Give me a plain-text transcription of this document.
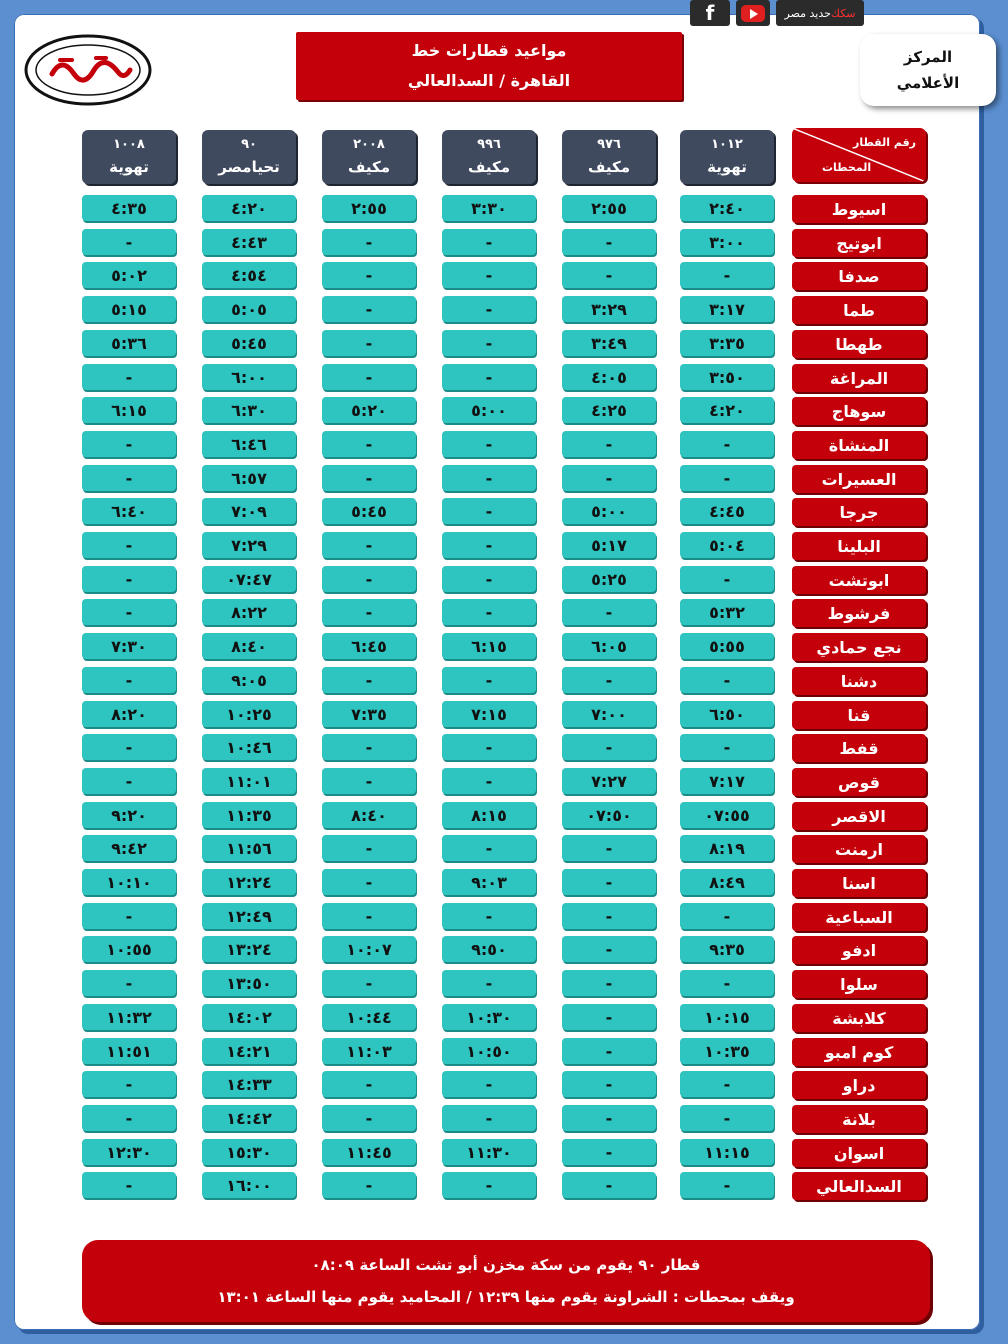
f	سكك
حديد مصر
مواعيد قطارات خط
القاهرة / السدالعالي
المركز
الأعلامي
رقم القطار
المحطات
١٠١٢
تهوية
٩٧٦
مكيف
٩٩٦
مكيف
٢٠٠٨
مكيف
٩٠
تحيامصر
١٠٠٨
تهوية
اسيوط
٢:٤٠
٢:٥٥
٣:٣٠
٢:٥٥
٤:٢٠
٤:٣٥
ابوتيج
٣:٠٠
-
-
-
٤:٤٣
-
صدفا
-
-
-
-
٤:٥٤
٥:٠٢
طما
٣:١٧
٣:٢٩
-
-
٥:٠٥
٥:١٥
طهطا
٣:٣٥
٣:٤٩
-
-
٥:٤٥
٥:٣٦
المراغة
٣:٥٠
٤:٠٥
-
-
٦:٠٠
-
سوهاج
٤:٢٠
٤:٢٥
٥:٠٠
٥:٢٠
٦:٣٠
٦:١٥
المنشاة
-
-
-
-
٦:٤٦
-
العسيرات
-
-
-
-
٦:٥٧
-
جرجا
٤:٤٥
٥:٠٠
-
٥:٤٥
٧:٠٩
٦:٤٠
البلينا
٥:٠٤
٥:١٧
-
-
٧:٢٩
-
ابوتشت
-
٥:٢٥
-
-
٠٧:٤٧
-
فرشوط
٥:٣٢
-
-
-
٨:٢٢
-
نجع حمادي
٥:٥٥
٦:٠٥
٦:١٥
٦:٤٥
٨:٤٠
٧:٣٠
دشنا
-
-
-
-
٩:٠٥
-
قنا
٦:٥٠
٧:٠٠
٧:١٥
٧:٣٥
١٠:٢٥
٨:٢٠
قفط
-
-
-
-
١٠:٤٦
-
قوص
٧:١٧
٧:٢٧
-
-
١١:٠١
-
الاقصر
٠٧:٥٥
٠٧:٥٠
٨:١٥
٨:٤٠
١١:٣٥
٩:٢٠
ارمنت
٨:١٩
-
-
-
١١:٥٦
٩:٤٢
اسنا
٨:٤٩
-
٩:٠٣
-
١٢:٢٤
١٠:١٠
السباعية
-
-
-
-
١٢:٤٩
-
ادفو
٩:٣٥
-
٩:٥٠
١٠:٠٧
١٣:٢٤
١٠:٥٥
سلوا
-
-
-
-
١٣:٥٠
-
كلابشة
١٠:١٥
-
١٠:٣٠
١٠:٤٤
١٤:٠٢
١١:٣٢
كوم امبو
١٠:٣٥
-
١٠:٥٠
١١:٠٣
١٤:٢١
١١:٥١
دراو
-
-
-
-
١٤:٣٣
-
بلانة
-
-
-
-
١٤:٤٢
-
اسوان
١١:١٥
-
١١:٣٠
١١:٤٥
١٥:٣٠
١٢:٣٠
السدالعالي
-
-
-
-
١٦:٠٠
-
قطار ٩٠ يقوم من سكة مخزن أبو تشت الساعة ٠٨:٠٩
ويقف بمحطات : الشراونة يقوم منها ١٢:٣٩ / المحاميد يقوم منها الساعة ١٣:٠١
